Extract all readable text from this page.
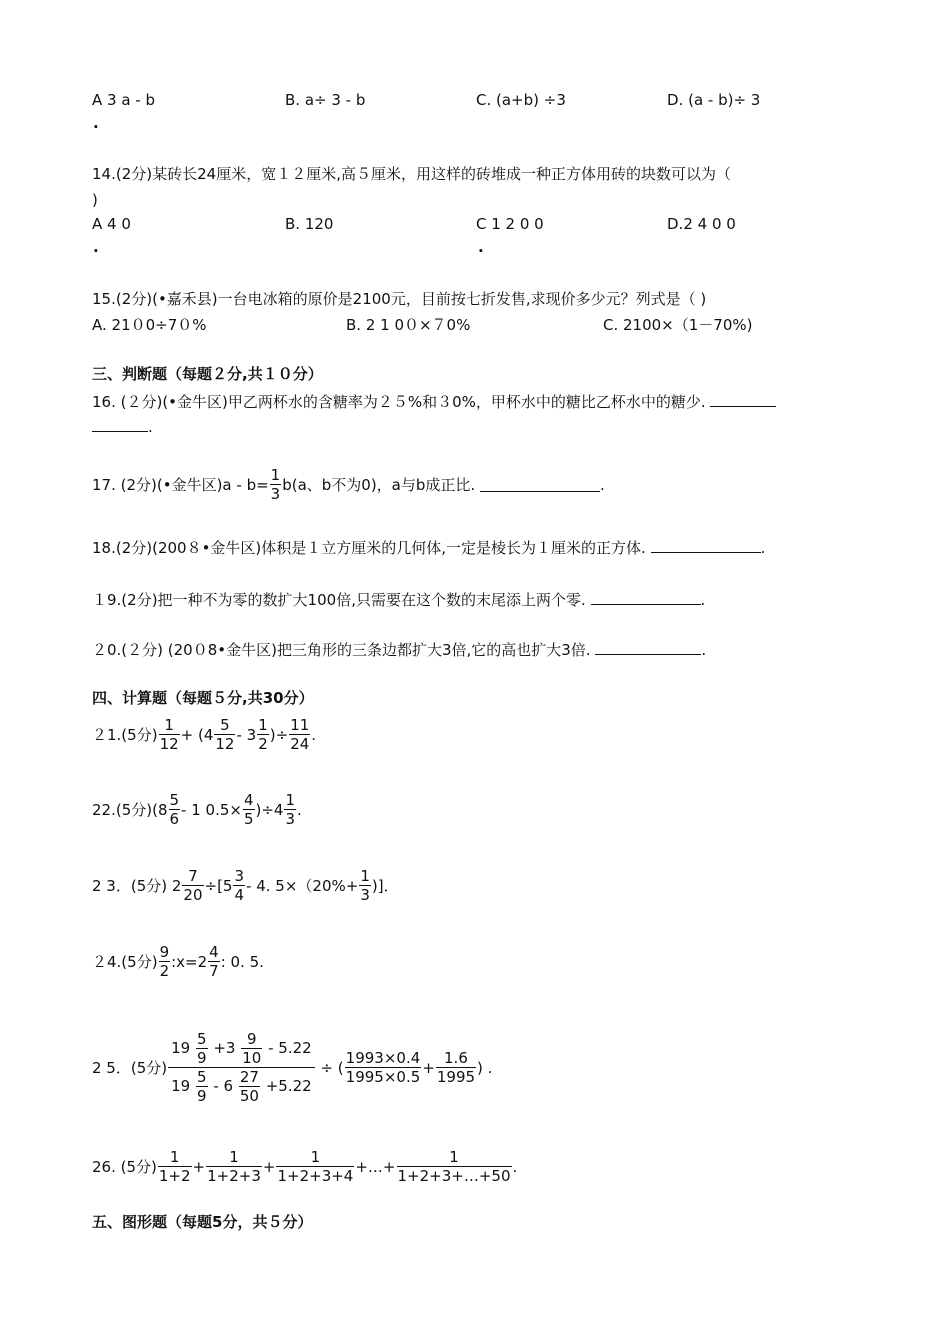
A 3 a - b	B. a÷ 3 - b	C. (a+b) ÷3	D. (a - b)÷ 3
.
14.(2分)某砖长24厘米，宽１２厘米,高５厘米，用这样的砖堆成一种正方体用砖的块数可以为（
)
A 4 0	B. 120	C 1 2 0 0	D.2 4 0 0
.	.
15.(2分)(•嘉禾县)一台电冰箱的原价是2100元，目前按七折发售,求现价多少元？列式是（ )
A. 21０0÷7０%	B. 2 1 0０×７0%	C. 2100×（1－70%)
三、判断题（每题２分,共１０分）
16. (２分)(•金牛区)甲乙两杯水的含糖率为２５%和３0%，甲杯水中的糖比乙杯水中的糖少.
.
17. (2分)(•金牛区)$a - b= \frac{1}{3} b(a$、b不为0)，a与b成正比.
	.
18.(2分)(200８•金牛区)体积是１立方厘米的几何体,一定是棱长为１厘米的正方体.	.
１9.(2分)把一种不为零的数扩大100倍,只需要在这个数的末尾添上两个零.	.
２0.(２分) (20０8•金牛区)把三角形的三条边都扩大3倍,它的高也扩大3倍.	.
四、计算题（每题５分,共30分）
２1.(5分) $\frac{1}{12} + (4 \frac{5}{12} - 3 \frac{1}{2}$ )÷ $\frac{11}{24}$ .
22.(5分)($8 \frac{5}{6} - 1$ $0.5\times \frac{4}{5} )\div 4 \frac{1}{3}$ .
2 3．(5分) $2 \frac{7}{20} \div[5 \frac{3}{4} - 4$. $5\times(20\%+ \frac{1}{3}$ )]．
２4.(5分) $\frac{9}{2}$ :x=2 $\frac{4}{7}$ : 0. 5.
2 5．(5分) $\frac{19 \frac{5}{9} +3 \frac{9}{10} - 5.22}{19 \frac{5}{9} - 6 \frac{27}{50} +5.22}$
÷ ( $\frac{1993\times 0.4}{1995\times 0.5} + \frac{1.6}{1995}$ ) .
26. (5分) $\frac{1}{1+2} + \frac{1}{1+2+3} + \frac{1}{1+2+3+4}$ +…+ $\frac{1}{1+2+3+\dots+50}$ .
五、图形题（每题5分，共５分）
